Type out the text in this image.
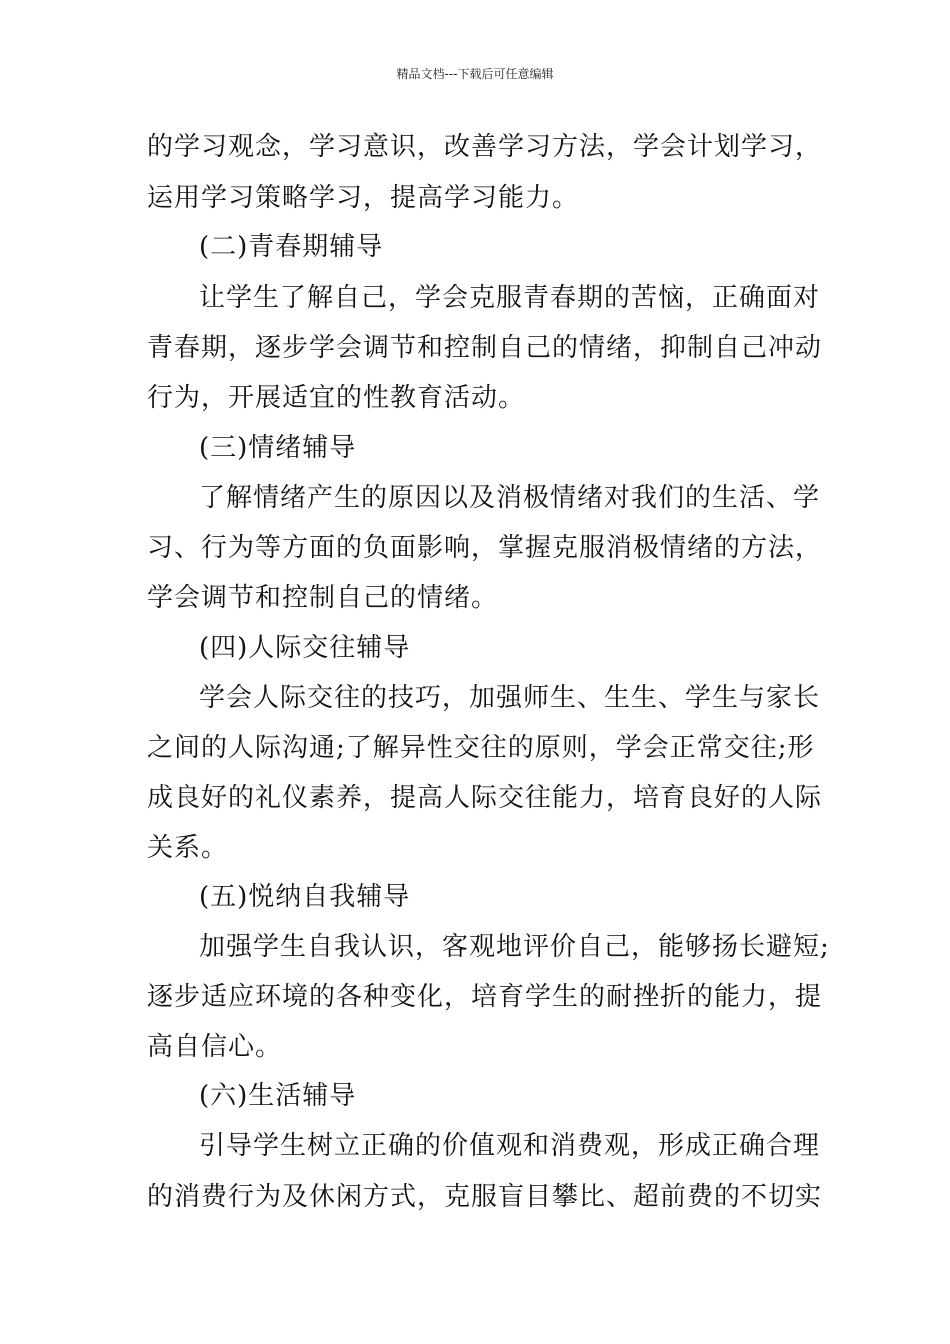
精品文档---下载后可任意编辑
的学习观念，学习意识，改善学习方法，学会计划学习，
运用学习策略学习，提高学习能力。
(二)青春期辅导
让学生了解自己，学会克服青春期的苦恼，正确面对
青春期，逐步学会调节和控制自己的情绪，抑制自己冲动
行为，开展适宜的性教育活动。
(三)情绪辅导
了解情绪产生的原因以及消极情绪对我们的生活、学
习、行为等方面的负面影响，掌握克服消极情绪的方法，
学会调节和控制自己的情绪。
(四)人际交往辅导
学会人际交往的技巧，加强师生、生生、学生与家长
之间的人际沟通;了解异性交往的原则，学会正常交往;形
成良好的礼仪素养，提高人际交往能力，培育良好的人际
关系。
(五)悦纳自我辅导
加强学生自我认识，客观地评价自己，能够扬长避短;
逐步适应环境的各种变化，培育学生的耐挫折的能力，提
高自信心。
(六)生活辅导
引导学生树立正确的价值观和消费观，形成正确合理
的消费行为及休闲方式，克服盲目攀比、超前费的不切实
